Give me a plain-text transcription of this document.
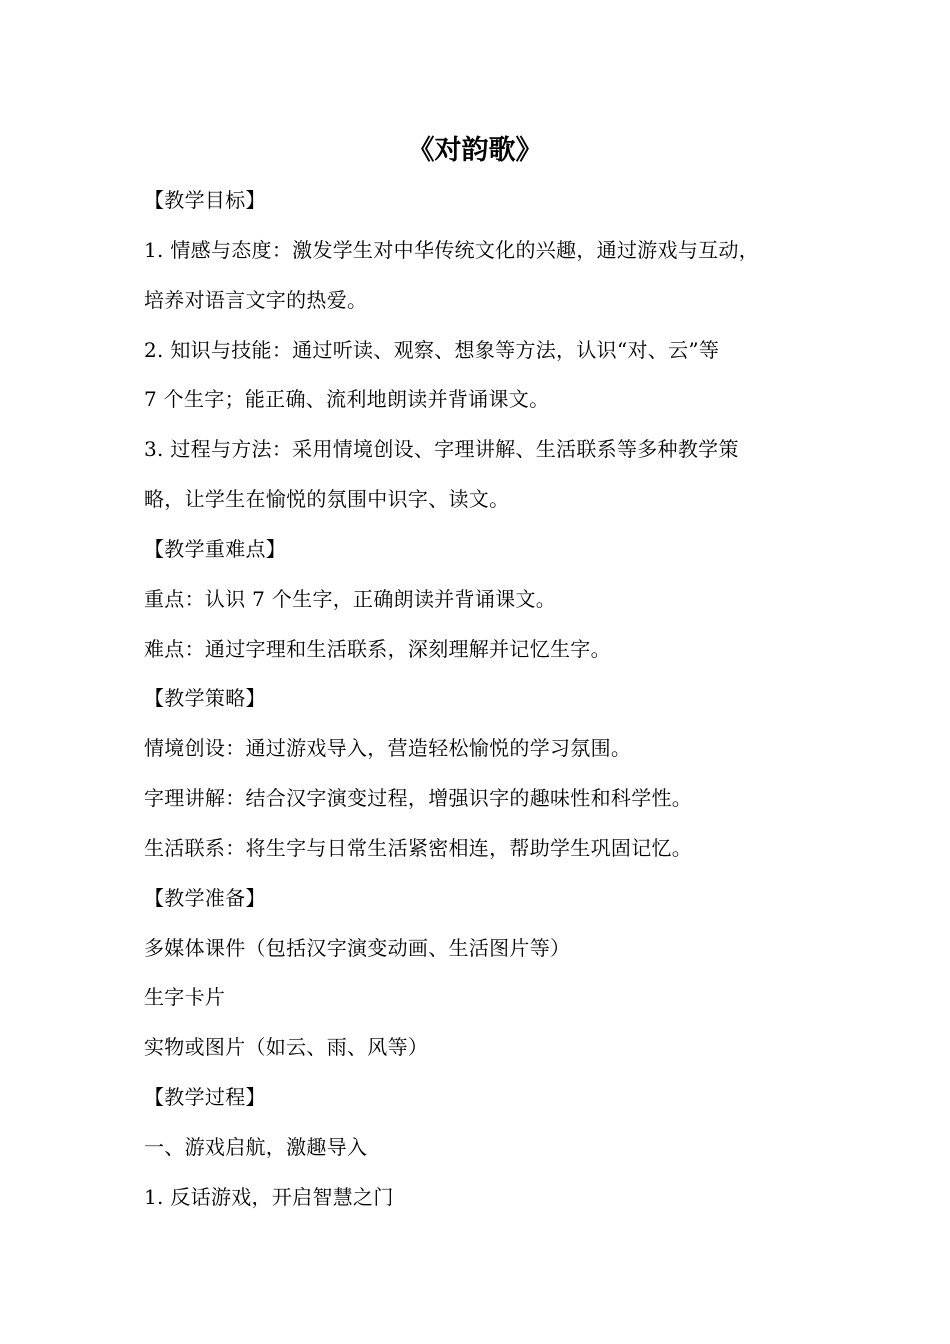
《对韵歌》
【教学目标】
1. 情感与态度：激发学生对中华传统文化的兴趣，通过游戏与互动，
培养对语言文字的热爱。
2. 知识与技能：通过听读、观察、想象等方法，认识“对、云”等
7 个生字；能正确、流利地朗读并背诵课文。
3. 过程与方法：采用情境创设、字理讲解、生活联系等多种教学策
略，让学生在愉悦的氛围中识字、读文。
【教学重难点】
重点：认识 7 个生字，正确朗读并背诵课文。
难点：通过字理和生活联系，深刻理解并记忆生字。
【教学策略】
情境创设：通过游戏导入，营造轻松愉悦的学习氛围。
字理讲解：结合汉字演变过程，增强识字的趣味性和科学性。
生活联系：将生字与日常生活紧密相连，帮助学生巩固记忆。
【教学准备】
多媒体课件（包括汉字演变动画、生活图片等）
生字卡片
实物或图片（如云、雨、风等）
【教学过程】
一、游戏启航，激趣导入
1. 反话游戏，开启智慧之门
